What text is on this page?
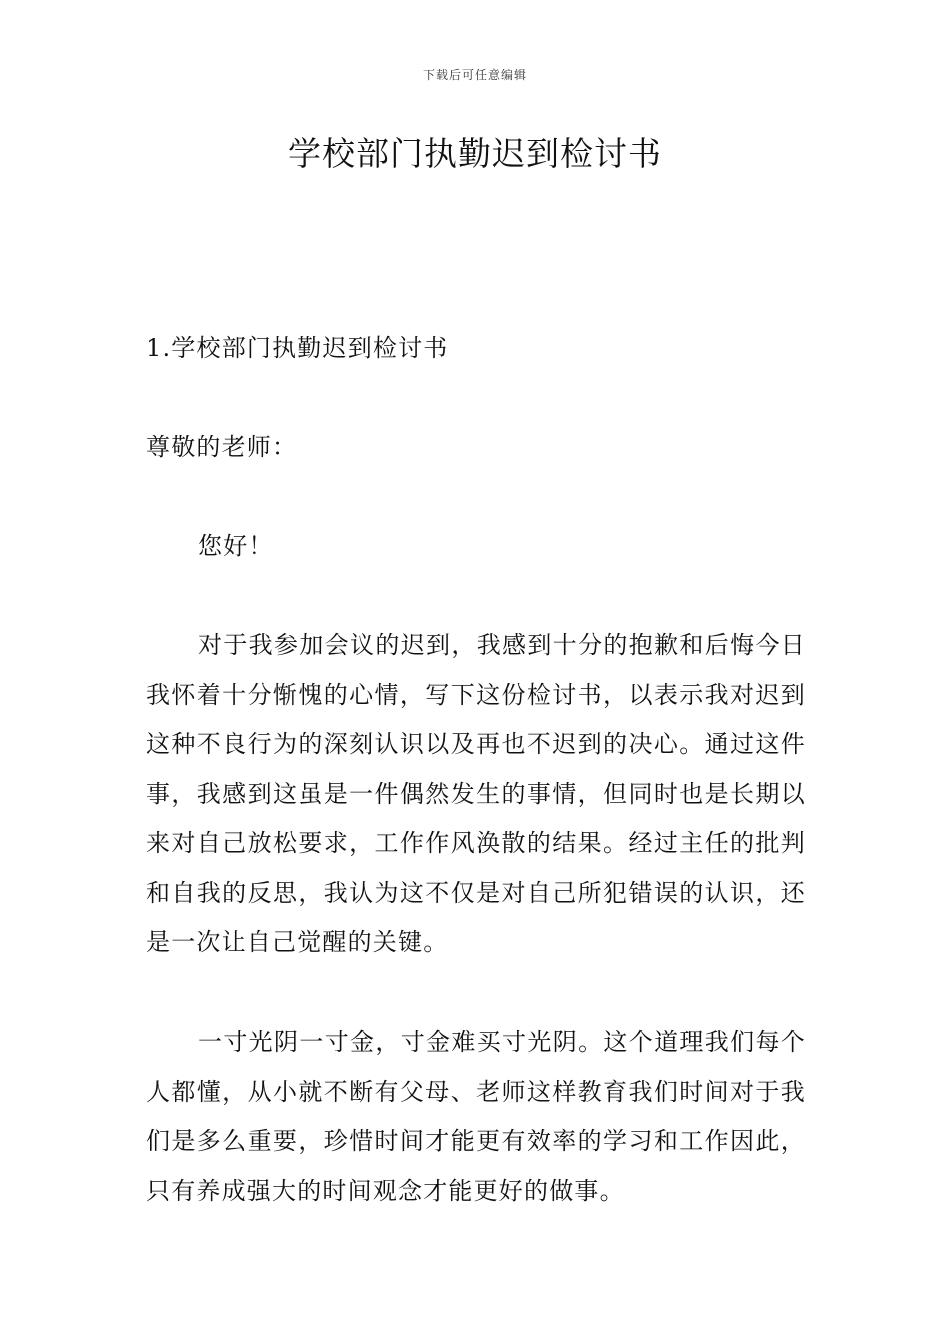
下载后可任意编辑
学校部门执勤迟到检讨书

1.学校部门执勤迟到检讨书

尊敬的老师：

您好！

对于我参加会议的迟到，我感到十分的抱歉和后悔今日我怀着十分惭愧的心情，写下这份检讨书，以表示我对迟到这种不良行为的深刻认识以及再也不迟到的决心。通过这件事，我感到这虽是一件偶然发生的事情，但同时也是长期以来对自己放松要求，工作作风涣散的结果。经过主任的批判和自我的反思，我认为这不仅是对自己所犯错误的认识，还是一次让自己觉醒的关键。

一寸光阴一寸金，寸金难买寸光阴。这个道理我们每个人都懂，从小就不断有父母、老师这样教育我们时间对于我们是多么重要，珍惜时间才能更有效率的学习和工作因此，只有养成强大的时间观念才能更好的做事。
